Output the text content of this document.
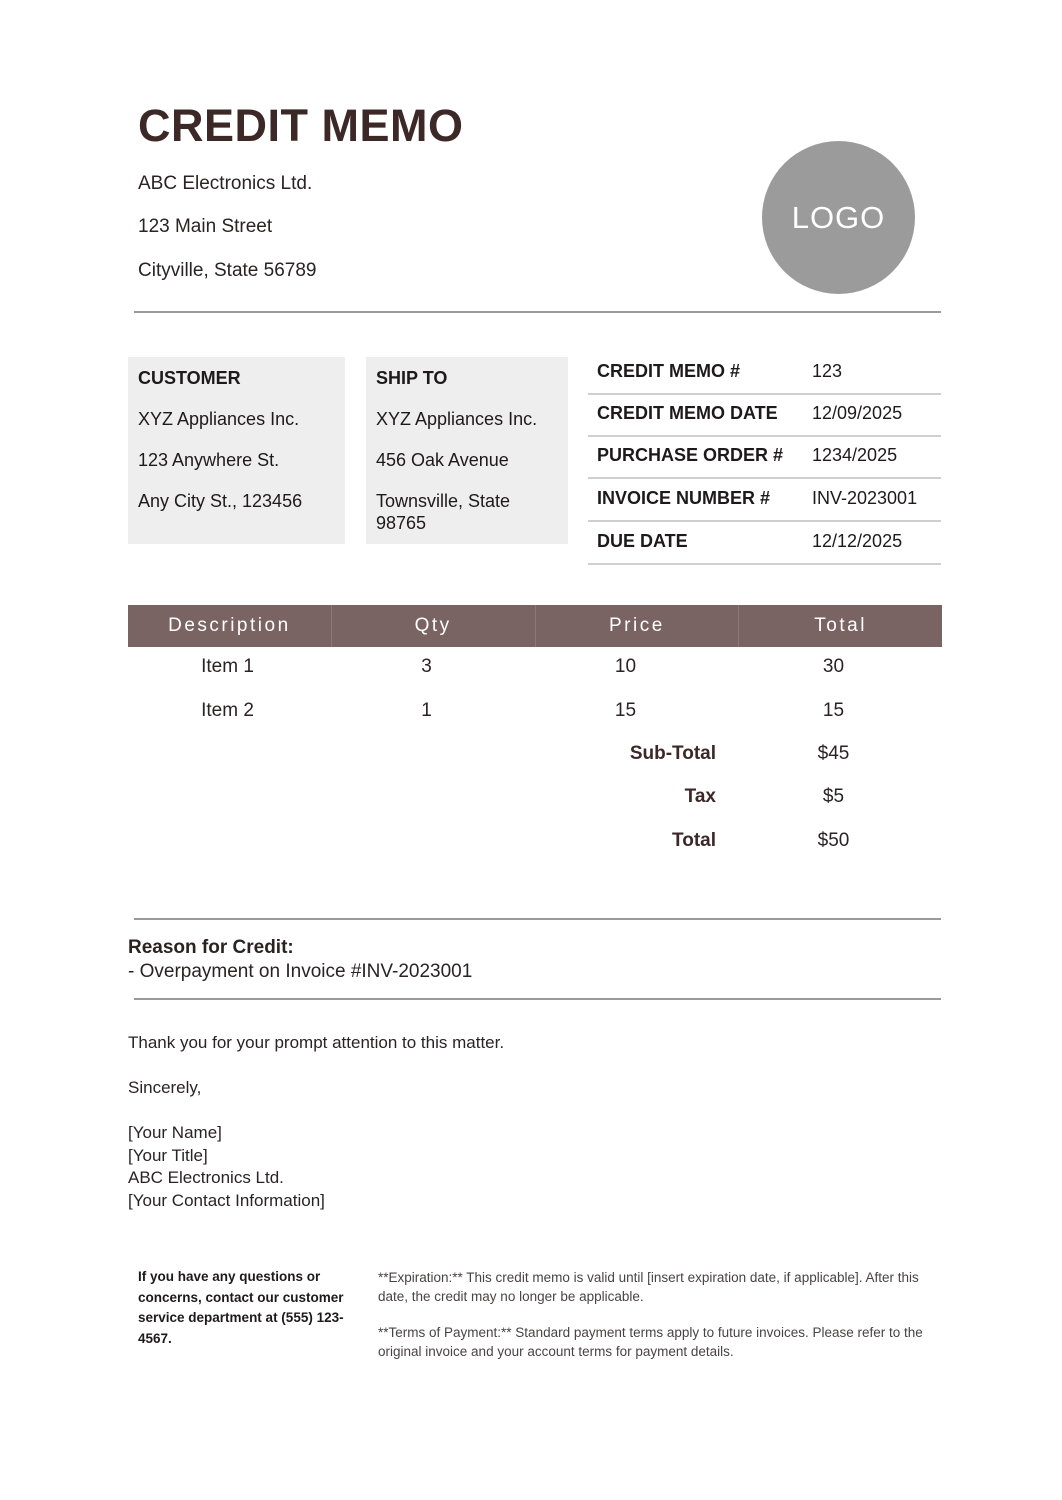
CREDIT MEMO
ABC Electronics Ltd.
123 Main Street
Cityville, State 56789
LOGO
CUSTOMER
XYZ Appliances Inc.
123 Anywhere St.
Any City St., 123456
SHIP TO
XYZ Appliances Inc.
456 Oak Avenue
Townsville, State 98765
CREDIT MEMO #	123
CREDIT MEMO DATE 12/09/2025
PURCHASE ORDER # 1234/2025
INVOICE NUMBER # INV-2023001
DUE DATE	12/12/2025
Description	Qty	Price	Total
Item 1	3	10	30
Item 2	1	15	15
Sub-Total	$45
Tax	$5
Total	$50
Reason for Credit:
- Overpayment on Invoice #INV-2023001
Thank you for your prompt attention to this matter.
Sincerely,
[Your Name]
[Your Title]
ABC Electronics Ltd.
[Your Contact Information]
If you have any questions or concerns, contact our customer service department at (555) 123-4567.
**Expiration:** This credit memo is valid until [insert expiration date, if applicable]. After this date, the credit may no longer be applicable.
**Terms of Payment:** Standard payment terms apply to future invoices. Please refer to the original invoice and your account terms for payment details.
